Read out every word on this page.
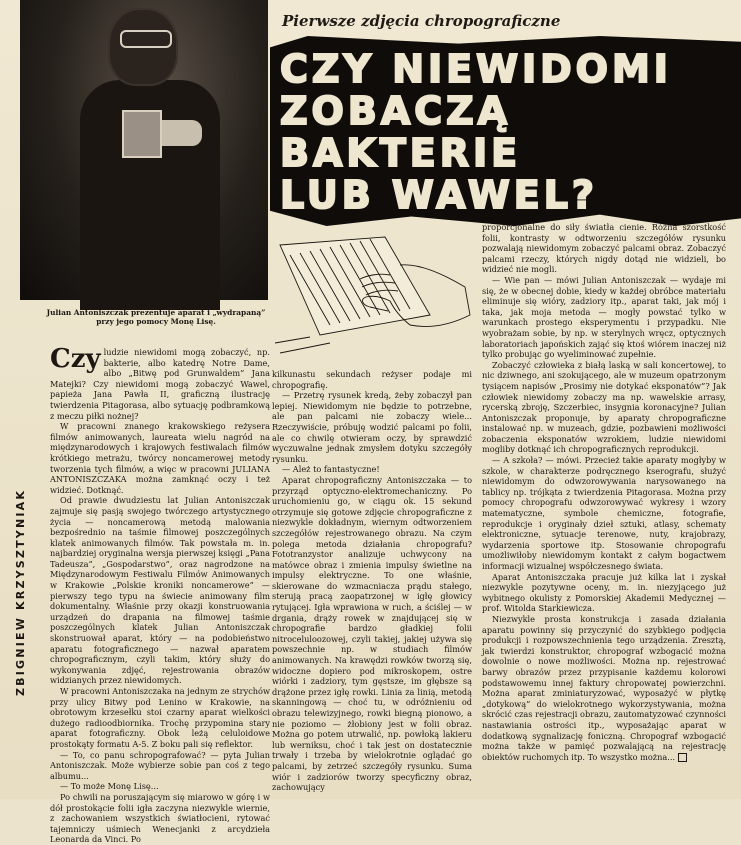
Julian Antoniszczak prezentuje aparat i „wydrapaną” przy jego pomocy Monę Lisę.
Pierwsze zdjęcia chropograficzne
CZY NIEWIDOMI
ZOBACZĄ
BAKTERIE
LUB WAWEL?
ZBIGNIEW KRZYSZTYNIAK
Czy ludzie niewidomi mogą zobaczyć, np. bakterie, albo katedrę Notre Dame, albo „Bitwę pod Grunwaldem” Jana Matejki? Czy niewidomi mogą zobaczyć Wawel, papieża Jana Pawła II, graficzną ilustrację twierdzenia Pitagorasa, albo sytuację podbramkową z meczu piłki nożnej?

W pracowni znanego krakowskiego reżysera filmów animowanych, laureata wielu nagród na międzynarodowych i krajowych festiwalach filmów krótkiego metrażu, twórcy noncamerowej metody tworzenia tych filmów, a więc w pracowni JULIANA ANTONISZCZAKA można zamknąć oczy i też widzieć. Dotknąć.

Od prawie dwudziestu lat Julian Antoniszczak zajmuje się pasją swojego twórczego artystycznego życia — noncamerową metodą malowania bezpośrednio na taśmie filmowej poszczególnych klatek animowanych filmów. Tak powstała m. in. najbardziej oryginalna wersja pierwszej księgi „Pana Tadeusza”, „Gospodarstwo”, oraz nagrodzone na Międzynarodowym Festiwalu Filmów Animowanych w Krakowie „Polskie kroniki noncamerowe” — pierwszy tego typu na świecie animowany film dokumentalny. Właśnie przy okazji konstruowania urządzeń do drapania na filmowej taśmie poszczególnych klatek Julian Antoniszczak skonstruował aparat, który — na podobieństwo aparatu fotograficznego — nazwał aparatem chropograficznym, czyli takim, który służy do wykonywania zdjęć, rejestrowania obrazów widzianych przez niewidomych.

W pracowni Antoniszczaka na jednym ze strychów przy ulicy Bitwy pod Lenino w Krakowie, na obrotowym krzesełku stoi czarny aparat wielkości dużego radioodbiornika. Trochę przypomina stary aparat fotograficzny. Obok leżą celuloidowe prostokąty formatu A-5. Z boku pali się reflektor.

— To, co panu schropografować? — pyta Julian Antoniszczak. Może wybierze sobie pan coś z tego albumu...

— To może Monę Lisę...

Po chwili na poruszającym się miarowo w górę i w dół prostokącie folii igła zaczyna niezwykle wiernie, z zachowaniem wszystkich światłocieni, rytować tajemniczy uśmiech Wenecjanki z arcydzieła Leonarda da Vinci. Po

kilkunastu sekundach reżyser podaje mi chropografię.

— Przetrę rysunek kredą, żeby zobaczył pan lepiej. Niewidomym nie będzie to potrzebne, ale pan palcami nie zobaczy wiele... Rzeczywiście, próbuję wodzić palcami po folii, ale co chwilę otwieram oczy, by sprawdzić wyczuwalne jednak zmysłem dotyku szczegóły rysunku.

— Ależ to fantastyczne!

Aparat chropograficzny Antoniszczaka — to przyrząd optyczno-elektromechaniczny. Po uruchomieniu go, w ciągu ok. 15 sekund otrzymuje się gotowe zdjęcie chropograficzne z niezwykle dokładnym, wiernym odtworzeniem szczegółów rejestrowanego obrazu. Na czym polega metoda działania chropografu? Fototranzystor analizuje uchwycony na matówce obraz i zmienia impulsy świetlne na impulsy elektryczne. To one właśnie, skierowane do wzmacniacza prądu stałego, sterują pracą zaopatrzonej w igłę głowicy rytującej. Igła wprawiona w ruch, a ściślej — w drgania, drąży rowek w znajdującej się w chropografie bardzo gładkiej folii nitroceluloozowej, czyli takiej, jakiej używa się powszechnie np. w studiach filmów animowanych. Na krawędzi rowków tworzą się, widoczne dopiero pod mikroskopem, ostre wiórki i zadziory, tym gęstsze, im głębsze są drążone przez igłę rowki. Linia za linią, metodą skanningową — choć tu, w odróżnieniu od obrazu telewizyjnego, rowki biegną pionowo, a nie poziomo — żłobiony jest w folii obraz. Można go potem utrwalić, np. powłoką lakieru lub werniksu, choć i tak jest on dostatecznie trwały i trzeba by wielokrotnie oglądać go palcami, by zetrzeć szczegóły rysunku. Suma wiór i zadziorów tworzy specyficzny obraz, zachowujący

proporcjonalne do siły światła cienie. Różna szorstkość folii, kontrasty w odtworzeniu szczegółów rysunku pozwalają niewidomym zobaczyć palcami obraz. Zobaczyć palcami rzeczy, których nigdy dotąd nie widzieli, bo widzieć nie mogli.

— Wie pan — mówi Julian Antoniszczak — wydaje mi się, że w obecnej dobie, kiedy w każdej obróbce materiału eliminuje się wióry, zadziory itp., aparat taki, jak mój i taka, jak moja metoda — mogły powstać tylko w warunkach prostego eksperymentu i przypadku. Nie wyobrażam sobie, by np. w sterylnych wręcz, optycznych laboratoriach japońskich zająć się ktoś wiórem inaczej niż tylko probując go wyeliminować zupełnie.

Zobaczyć człowieka z białą laską w sali koncertowej, to nic dziwnego, ani szokującego, ale w muzeum opatrzonym tysiącem napisów „Prosimy nie dotykać eksponatów”? Jak człowiek niewidomy zobaczy ma np. wawelskie arrasy, rycerską zbroję, Szczerbiec, insygnia koronacyjne? Julian Antoniszczak proponuje, by aparaty chropograficzne instalować np. w muzeach, gdzie, pozbawieni możliwości zobaczenia eksponatów wzrokiem, ludzie niewidomi mogliby dotknąć ich chropograficznych reprodukcji.

— A szkoła? — mówi. Przecież takie aparaty mogłyby w szkole, w charakterze podręcznego kserografu, służyć niewidomym do odwzorowywania narysowanego na tablicy np. trójkąta z twierdzenia Pitagorasa. Można przy pomocy chropografu odwzorowywać wykresy i wzory matematyczne, symbole chemiczne, fotografie, reprodukcje i oryginały dzieł sztuki, atlasy, schematy elektroniczne, sytuacje terenowe, nuty, krajobrazy, wydarzenia sportowe itp. Stosowanie chropografu umożliwiłoby niewidomym kontakt z całym bogactwem informacji wizualnej współczesnego świata.

Aparat Antoniszczaka pracuje już kilka lat i zyskał niezwykle pozytywne oceny, m. in. niezyjącego już wybitnego okulisty z Pomorskiej Akademii Medycznej — prof. Witolda Starkiewicza.

Niezwykle prosta konstrukcja i zasada działania aparatu powinny się przyczynić do szybkiego podjęcia produkcji i rozpowszechnienia tego urządzenia. Zresztą, jak twierdzi konstruktor, chropograf wzbogacić można dowolnie o nowe możliwości. Można np. rejestrować barwy obrazów przez przypisanie każdemu kolorowi podstawowemu innej faktury chropowatej powierzchni. Można aparat zminiaturyzować, wyposażyć w płytkę „dotykową” do wielokrotnego wykorzystywania, można skrócić czas rejestracji obrazu, zautomatyzować czynności nastawiania ostrości itp., wyposażając aparat w dodatkową sygnalizację foniczną. Chropograf wzbogacić można także w pamięć pozwalającą na rejestrację obiektów ruchomych itp. To wszystko można...
